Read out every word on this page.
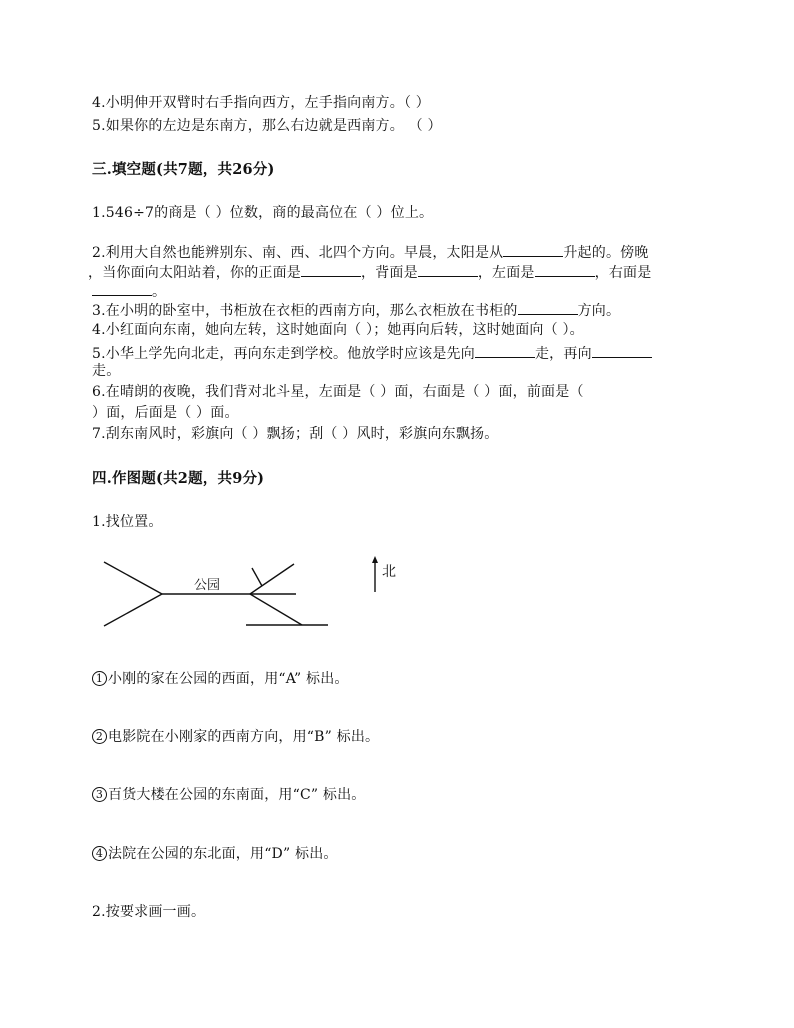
4.小明伸开双臂时右手指向西方，左手指向南方。（ ）
5.如果你的左边是东南方，那么右边就是西南方。 （ ）
三.填空题(共7题，共26分)
1.546÷7的商是（ ）位数，商的最高位在（ ）位上。
2.利用大自然也能辨别东、南、西、北四个方向。早晨，太阳是从	升起的。傍晚
，当你面向太阳站着，你的正面是	，背面是	，左面是	，右面是
。
3.在小明的卧室中，书柜放在衣柜的西南方向，那么衣柜放在书柜的	方向。
4.小红面向东南，她向左转，这时她面向（ ）；她再向后转，这时她面向（ ）。
5.小华上学先向北走，再向东走到学校。他放学时应该是先向	走，再向
走。
6.在晴朗的夜晚，我们背对北斗星，左面是（ ）面，右面是（ ）面，前面是（
）面，后面是（ ）面。
7.刮东南风时，彩旗向（ ）飘扬；刮（ ）风时，彩旗向东飘扬。
四.作图题(共2题，共9分)
1.找位置。
公园
北
1 小刚的家在公园的西面，用“A” 标出。
2 电影院在小刚家的西南方向，用“B” 标出。
3 百货大楼在公园的东南面，用“C” 标出。
4 法院在公园的东北面，用“D” 标出。
2.按要求画一画。
